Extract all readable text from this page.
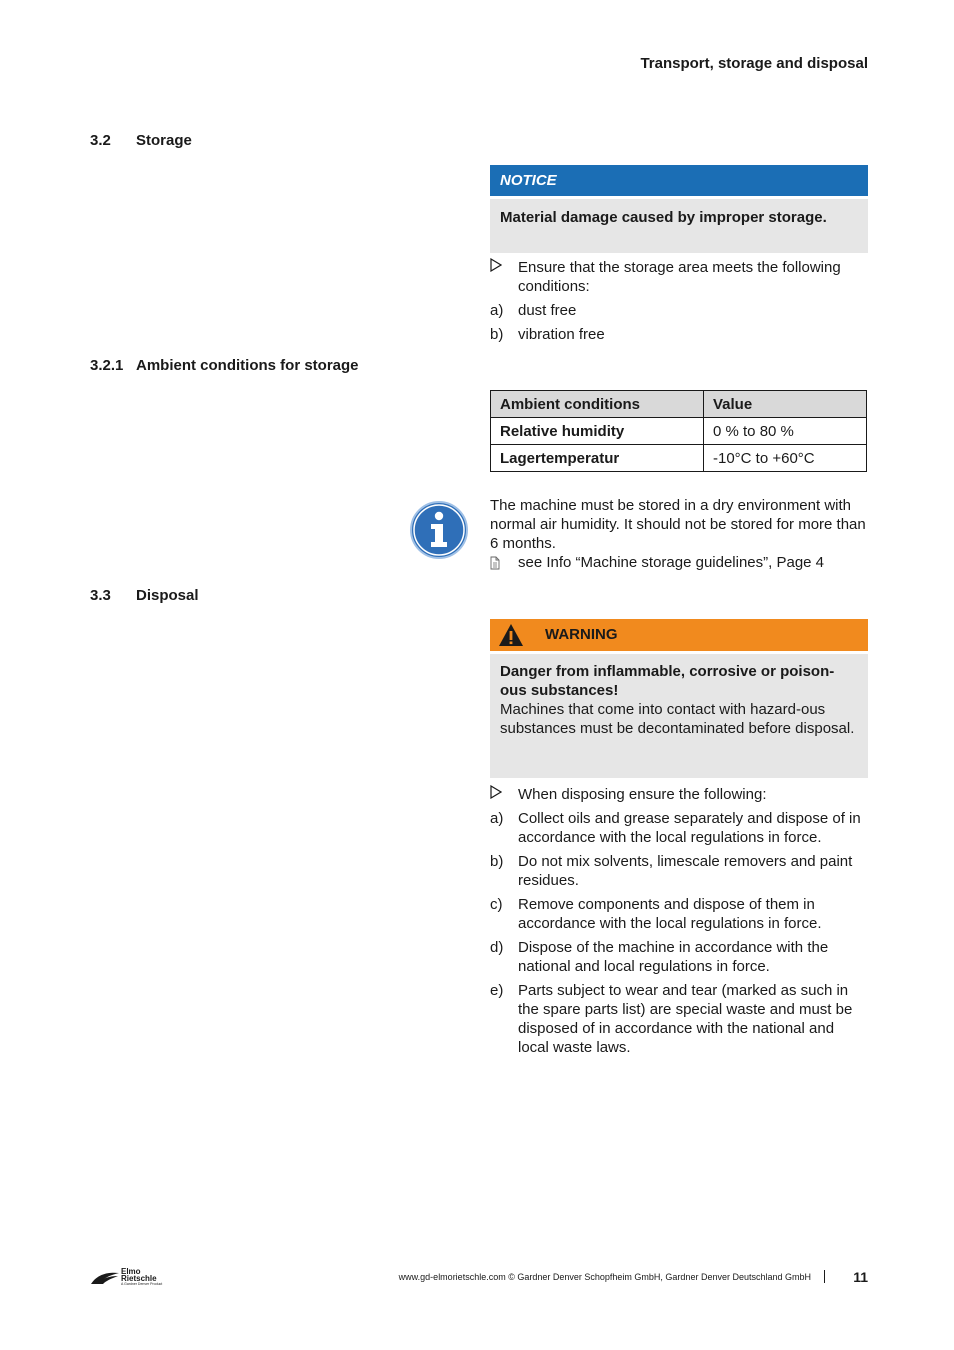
Transport, storage and disposal
3.2 Storage
NOTICE
Material damage caused by improper storage.
Ensure that the storage area meets the following conditions:
a) dust free
b) vibration free
3.2.1 Ambient conditions for storage
Ambient conditions	Value
Relative humidity	0 % to 80 %
Lagertemperatur	-10°C to +60°C
The machine must be stored in a dry environment with normal air humidity. It should not be stored for more than 6 months.
see Info “Machine storage guidelines”, Page 4
3.3 Disposal
WARNING
Danger from inflammable, corrosive or poison-ous substances!
Machines that come into contact with hazard-ous substances must be decontaminated before disposal.
When disposing ensure the following:
a) Collect oils and grease separately and dispose of in accordance with the local regulations in force.
b) Do not mix solvents, limescale removers and paint residues.
c) Remove components and dispose of them in accordance with the local regulations in force.
d) Dispose of the machine in accordance with the national and local regulations in force.
e) Parts subject to wear and tear (marked as such in the spare parts list) are special waste and must be disposed of in accordance with the national and local waste laws.
Elmo
Rietschle
A Gardner Denver Product
www.gd-elmorietschle.com © Gardner Denver Schopfheim GmbH, Gardner Denver Deutschland GmbH	11
